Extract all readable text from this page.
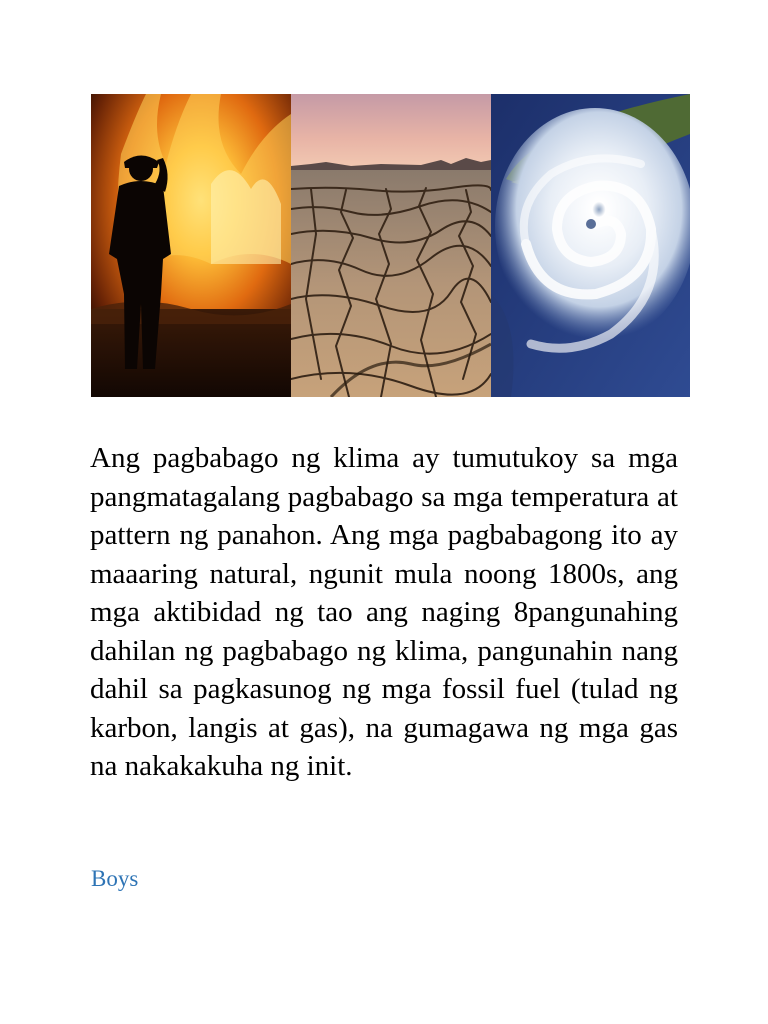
Ang pagbabago ng klima ay tumutukoy sa mga pangmatagalang pagbabago sa mga temperatura at pattern ng panahon. Ang mga pagbabagong ito ay maaaring natural, ngunit mula noong 1800s, ang mga aktibidad ng tao ang naging 8pangunahing dahilan ng pagbabago ng klima, pangunahin nang dahil sa pagkasunog ng mga fossil fuel (tulad ng karbon, langis at gas), na gumagawa ng mga gas na nakakakuha ng init.

Boys
